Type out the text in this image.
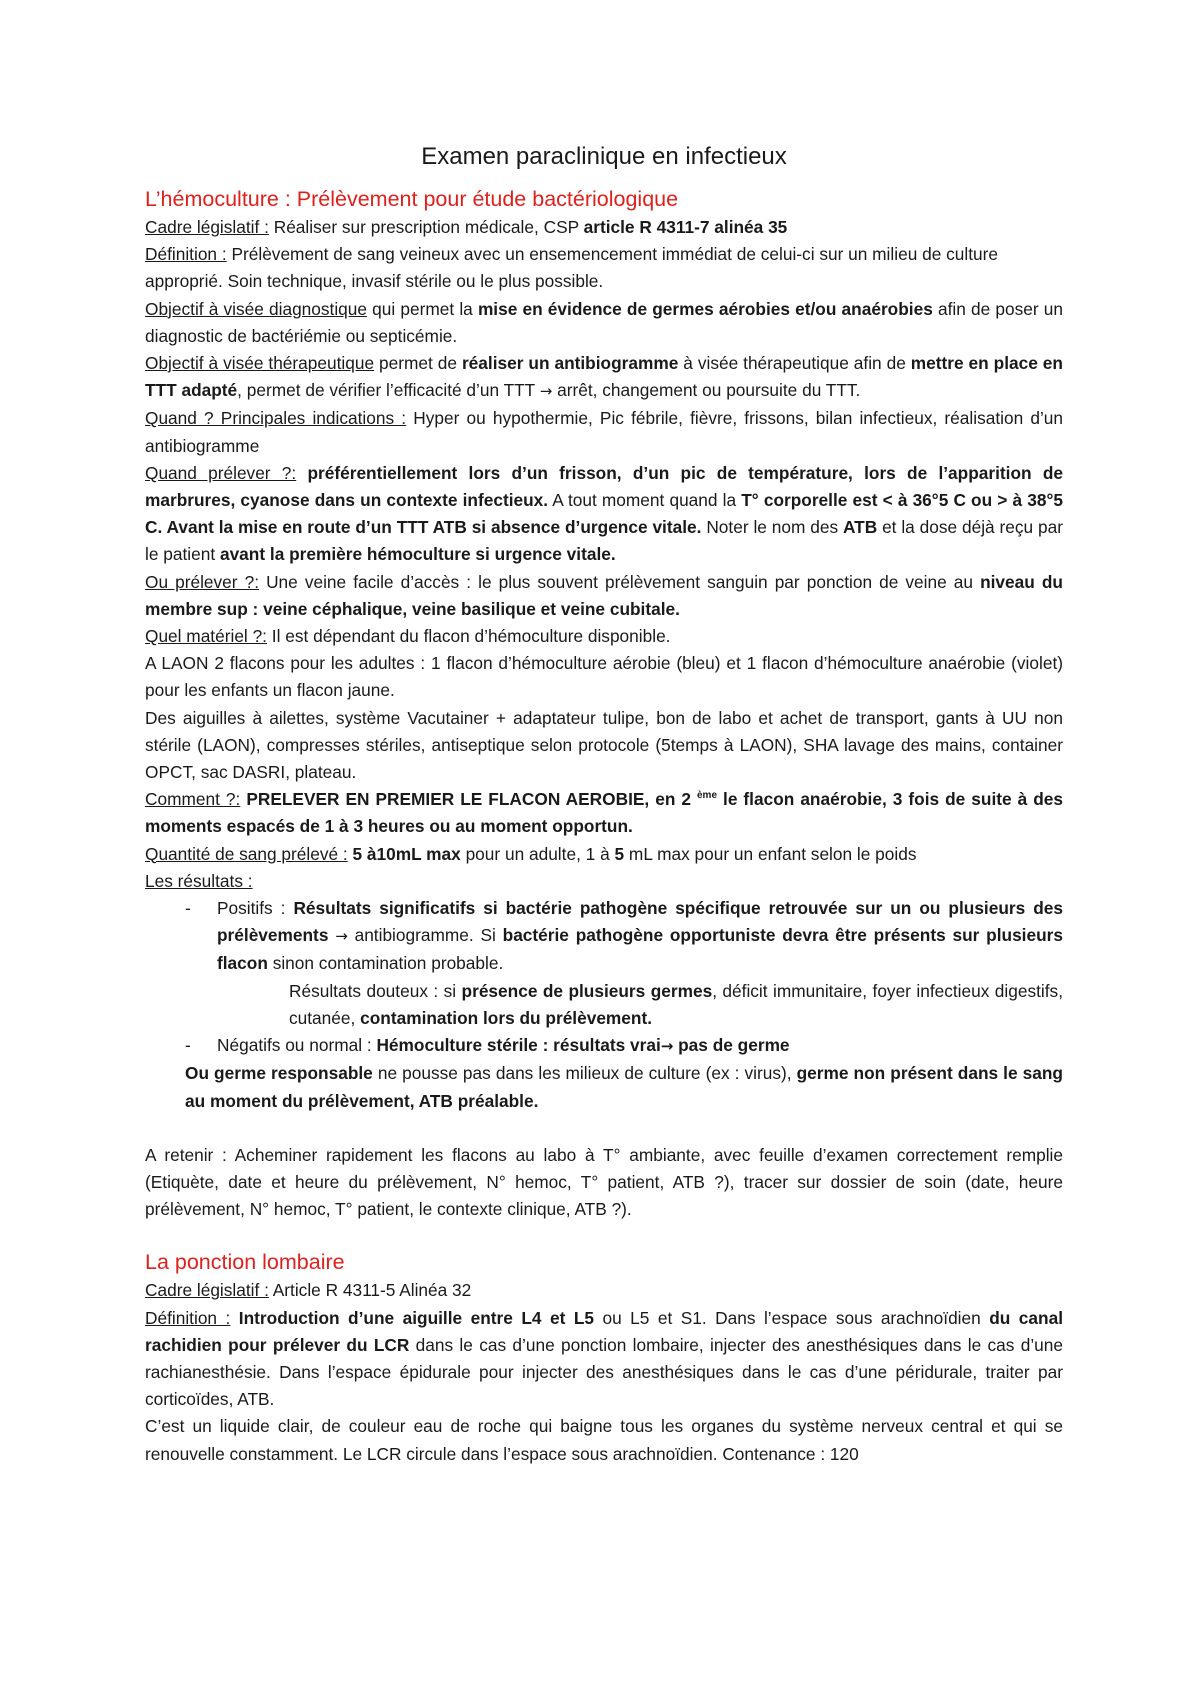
Examen paraclinique en infectieux
L’hémoculture : Prélèvement pour étude bactériologique

Cadre législatif : Réaliser sur prescription médicale, CSP article R 4311-7 alinéa 35

Définition : Prélèvement de sang veineux avec un ensemencement immédiat de celui-ci sur un milieu de culture approprié. Soin technique, invasif stérile ou le plus possible.

Objectif à visée diagnostique qui permet la mise en évidence de germes aérobies et/ou anaérobies afin de poser un diagnostic de bactériémie ou septicémie.

Objectif à visée thérapeutique permet de réaliser un antibiogramme à visée thérapeutique afin de mettre en place en TTT adapté, permet de vérifier l’efficacité d’un TTT → arrêt, changement ou poursuite du TTT.

Quand ? Principales indications : Hyper ou hypothermie, Pic fébrile, fièvre, frissons, bilan infectieux, réalisation d’un antibiogramme

Quand prélever ?: préférentiellement lors d’un frisson, d’un pic de température, lors de l’apparition de marbrures, cyanose dans un contexte infectieux. A tout moment quand la T° corporelle est < à 36°5 C ou > à 38°5 C. Avant la mise en route d’un TTT ATB si absence d’urgence vitale. Noter le nom des ATB et la dose déjà reçu par le patient avant la première hémoculture si urgence vitale.

Ou prélever ?: Une veine facile d’accès : le plus souvent prélèvement sanguin par ponction de veine au niveau du membre sup : veine céphalique, veine basilique et veine cubitale.

Quel matériel ?: Il est dépendant du flacon d’hémoculture disponible.

A LAON 2 flacons pour les adultes : 1 flacon d’hémoculture aérobie (bleu) et 1 flacon d’hémoculture anaérobie (violet) pour les enfants un flacon jaune.

Des aiguilles à ailettes, système Vacutainer + adaptateur tulipe, bon de labo et achet de transport, gants à UU non stérile (LAON), compresses stériles, antiseptique selon protocole (5temps à LAON), SHA lavage des mains, container OPCT, sac DASRI, plateau.

Comment ?: PRELEVER EN PREMIER LE FLACON AEROBIE, en 2 $^{ème}$ le flacon anaérobie, 3 fois de suite à des moments espacés de 1 à 3 heures ou au moment opportun.

Quantité de sang prélevé : 5 à10mL max pour un adulte, 1 à 5 mL max pour un enfant selon le poids

Les résultats :

- Positifs : Résultats significatifs si bactérie pathogène spécifique retrouvée sur un ou plusieurs des prélèvements → antibiogramme. Si bactérie pathogène opportuniste devra être présents sur plusieurs flacon sinon contamination probable.

Résultats douteux : si présence de plusieurs germes, déficit immunitaire, foyer infectieux digestifs, cutanée, contamination lors du prélèvement.

- Négatifs ou normal : Hémoculture stérile : résultats vrai→ pas de germe

Ou germe responsable ne pousse pas dans les milieux de culture (ex : virus), germe non présent dans le sang au moment du prélèvement, ATB préalable.

A retenir : Acheminer rapidement les flacons au labo à T° ambiante, avec feuille d’examen correctement remplie (Etiquète, date et heure du prélèvement, N° hemoc, T° patient, ATB ?), tracer sur dossier de soin (date, heure prélèvement, N° hemoc, T° patient, le contexte clinique, ATB ?).

La ponction lombaire

Cadre législatif : Article R 4311-5 Alinéa 32

Définition : Introduction d’une aiguille entre L4 et L5 ou L5 et S1. Dans l’espace sous arachnoïdien du canal rachidien pour prélever du LCR dans le cas d’une ponction lombaire, injecter des anesthésiques dans le cas d’une rachianesthésie. Dans l’espace épidurale pour injecter des anesthésiques dans le cas d’une péridurale, traiter par corticoïdes, ATB.

C’est un liquide clair, de couleur eau de roche qui baigne tous les organes du système nerveux central et qui se renouvelle constamment. Le LCR circule dans l’espace sous arachnoïdien. Contenance : 120
